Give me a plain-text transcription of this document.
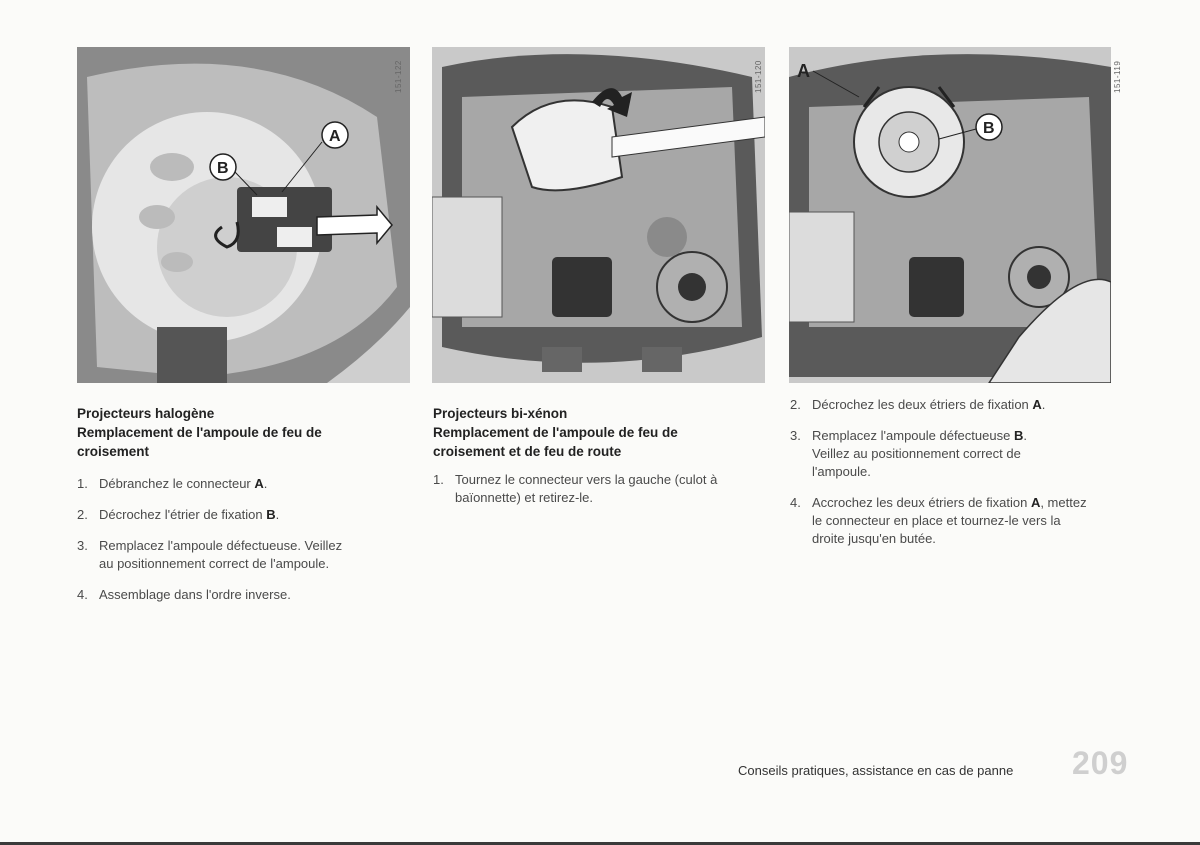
A
B
151-122	151-120 A
B
151-119
Projecteurs halogène
Remplacement de l'ampoule de feu de croisement
1. Débranchez le connecteur A.
2. Décrochez l'étrier de fixation B.
3. Remplacez l'ampoule défectueuse. Veillez au positionnement correct de l'ampoule.
4. Assemblage dans l'ordre inverse.
Projecteurs bi-xénon
Remplacement de l'ampoule de feu de croisement et de feu de route
1. Tournez le connecteur vers la gauche (culot à baïonnette) et retirez-le.
2. Décrochez les deux étriers de fixation A.
3. Remplacez l'ampoule défectueuse B. Veillez au positionnement correct de l'ampoule.
4. Accrochez les deux étriers de fixation A, mettez le connecteur en place et tournez-le vers la droite jusqu'en butée.
Conseils pratiques, assistance en cas de panne 209
